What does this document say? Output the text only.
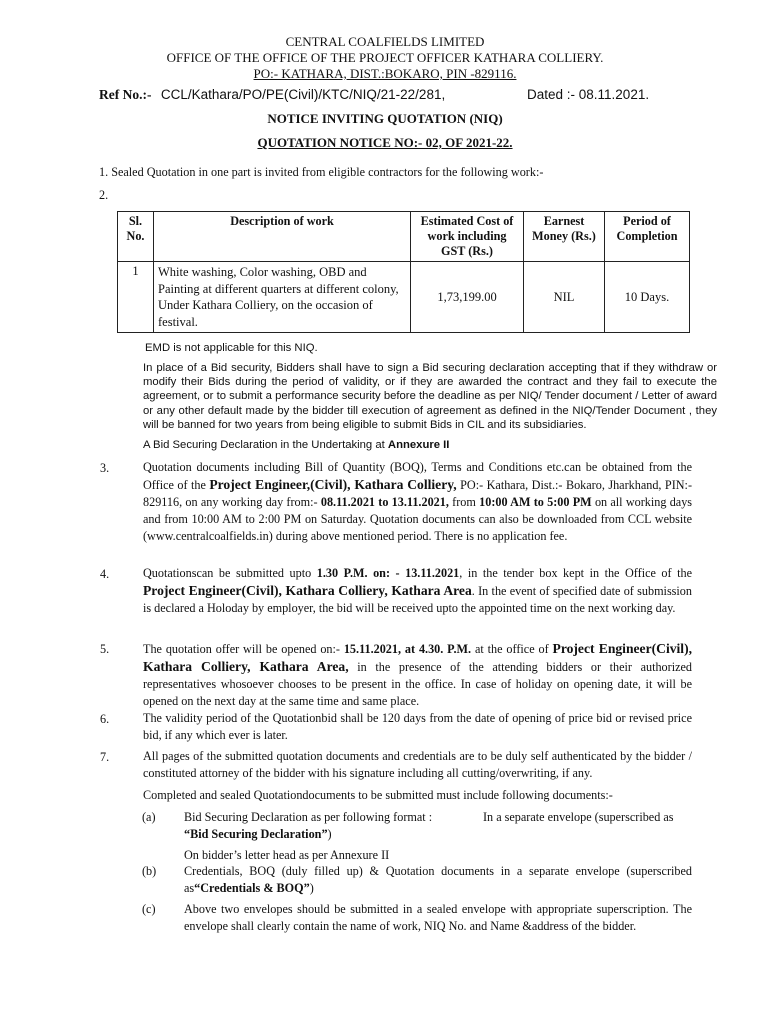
CENTRAL COALFIELDS LIMITED
OFFICE OF THE OFFICE OF THE PROJECT OFFICER KATHARA COLLIERY.
PO:- KATHARA, DIST.:BOKARO, PIN -829116.
Ref No.:- CCL/Kathara/PO/PE(Civil)/KTC/NIQ/21-22/281,	Dated :- 08.11.2021.
NOTICE INVITING QUOTATION (NIQ)
QUOTATION NOTICE NO:- 02, OF 2021-22.
1. Sealed Quotation in one part is invited from eligible contractors for the following work:-
2.
Sl. No.	Description of work	Estimated Cost of work including GST (Rs.)	Earnest Money (Rs.)	Period of Completion
1	White washing, Color washing, OBD and Painting at different quarters at different colony, Under Kathara Colliery, on the occasion of festival.	1,73,199.00	NIL	10 Days.
EMD is not applicable for this NIQ.
In place of a Bid security, Bidders shall have to sign a Bid securing declaration accepting that if they withdraw or modify their Bids during the period of validity, or if they are awarded the contract and they fail to execute the agreement, or to submit a performance security before the deadline as per NIQ/ Tender document / Letter of award or any other default made by the bidder till execution of agreement as defined in the NIQ/Tender Document , they will be banned for two years from being eligible to submit Bids in CIL and its subsidiaries.
A Bid Securing Declaration in the Undertaking at Annexure II
3.	Quotation documents including Bill of Quantity (BOQ), Terms and Conditions etc.can be obtained from the Office of the Project Engineer,(Civil), Kathara Colliery, PO:- Kathara, Dist.:- Bokaro, Jharkhand, PIN:- 829116, on any working day from:- 08.11.2021 to 13.11.2021, from 10:00 AM to 5:00 PM on all working days and from 10:00 AM to 2:00 PM on Saturday. Quotation documents can also be downloaded from CCL website (www.centralcoalfields.in) during above mentioned period. There is no application fee.
4.	Quotationscan be submitted upto 1.30 P.M. on: - 13.11.2021, in the tender box kept in the Office of the Project Engineer(Civil), Kathara Colliery, Kathara Area. In the event of specified date of submission is declared a Holoday by employer, the bid will be received upto the appointed time on the next working day.
5.	The quotation offer will be opened on:- 15.11.2021, at 4.30. P.M. at the office of Project Engineer(Civil), Kathara Colliery, Kathara Area, in the presence of the attending bidders or their authorized representatives whosoever chooses to be present in the office. In case of holiday on opening date, it will be opened on the next day at the same time and same place.
6.	The validity period of the Quotationbid shall be 120 days from the date of opening of price bid or revised price bid, if any which ever is later.
7.	All pages of the submitted quotation documents and credentials are to be duly self authenticated by the bidder / constituted attorney of the bidder with his signature including all cutting/overwriting, if any.
Completed and sealed Quotationdocuments to be submitted must include following documents:-
(a) Bid Securing Declaration as per following format :	In a separate envelope (superscribed as
“Bid Securing Declaration”)
On bidder’s letter head as per Annexure II
(b) Credentials, BOQ (duly filled up) & Quotation documents in a separate envelope (superscribed as“Credentials & BOQ”)
(c) Above two envelopes should be submitted in a sealed envelope with appropriate superscription. The envelope shall clearly contain the name of work, NIQ No. and Name &address of the bidder.
